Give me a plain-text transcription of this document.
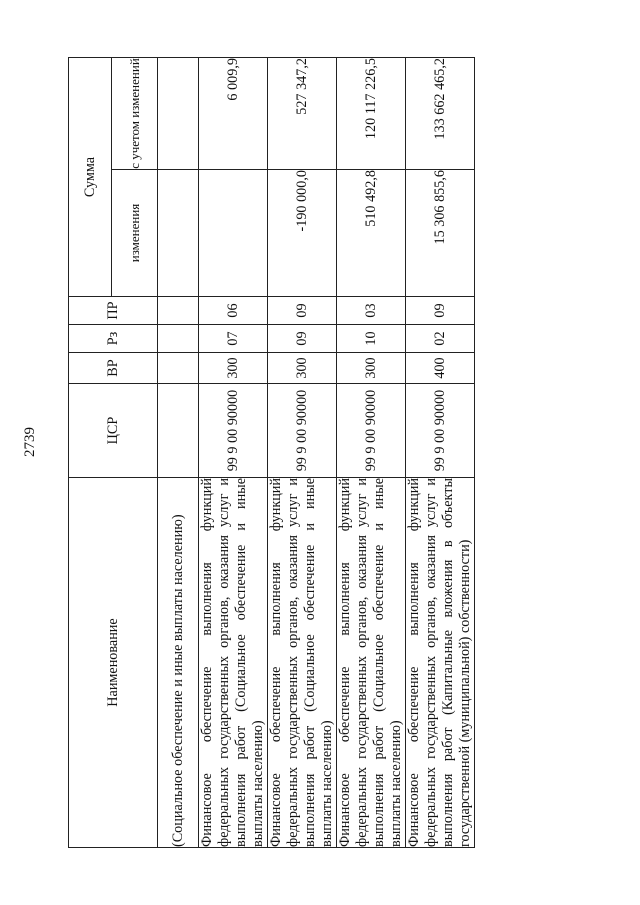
2739
Наименование	ЦСР	ВР	Рз	ПР	Сумма	
					изменения	с учетом изменений
(Социальное обеспечение и иные выплаты населению)						
Финансовое обеспечение выполнения функций федеральных государственных органов, оказания услуг и выполнения работ (Социальное обеспечение и иные выплаты населению)	99 9 00 90000	300	07	06		6 009,9
Финансовое обеспечение выполнения функций федеральных государственных органов, оказания услуг и выполнения работ (Социальное обеспечение и иные выплаты населению)	99 9 00 90000	300	09	09	-190 000,0	527 347,2
Финансовое обеспечение выполнения функций федеральных государственных органов, оказания услуг и выполнения работ (Социальное обеспечение и иные выплаты населению)	99 9 00 90000	300	10	03	510 492,8	120 117 226,5
Финансовое обеспечение выполнения функций федеральных государственных органов, оказания услуг и выполнения работ (Капитальные вложения в объекты государственной (муниципальной) собственности)	99 9 00 90000	400	02	09	15 306 855,6	133 662 465,2
